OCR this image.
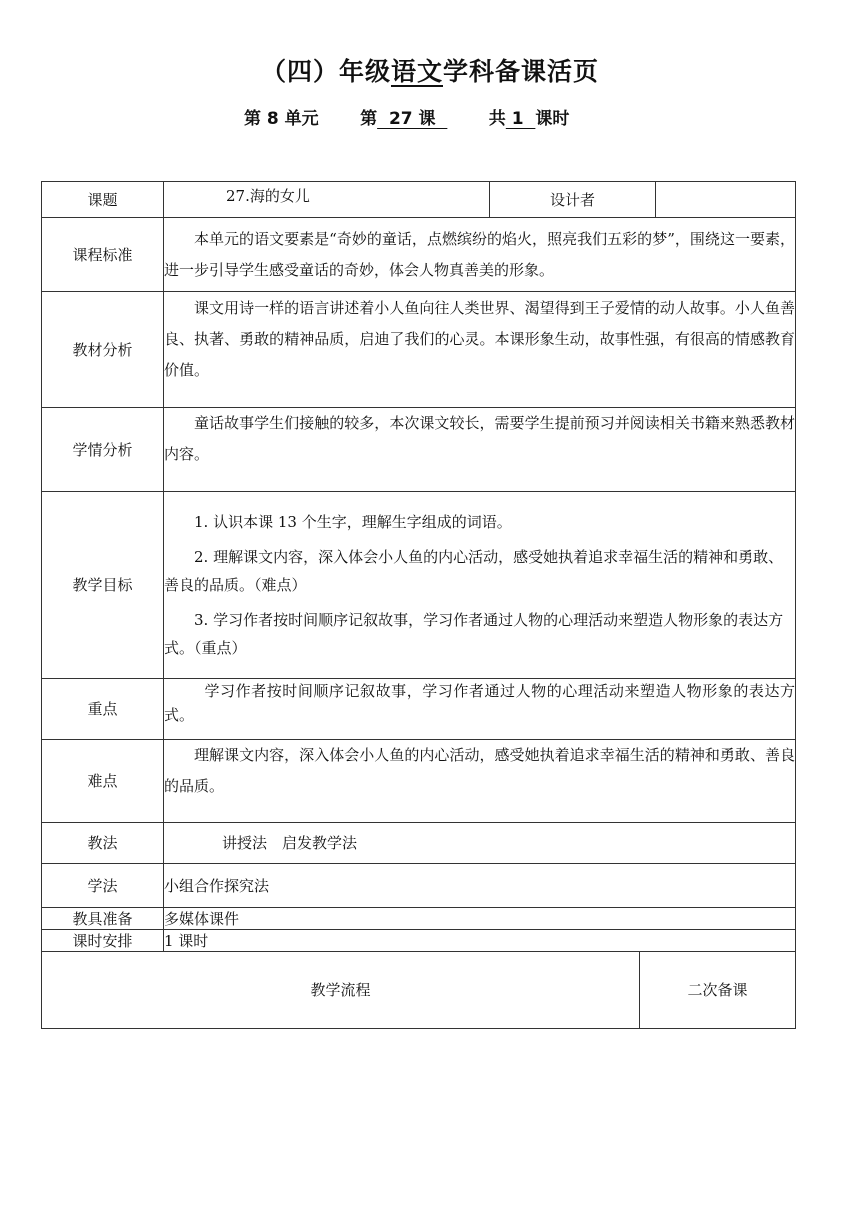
（四）年级语文学科备课活页
第 8 单元 第  27 课         共 1  课时
课题	27.海的女儿	设计者		
课程标准	本单元的语文要素是“奇妙的童话，点燃缤纷的焰火，照亮我们五彩的梦”，围绕这一要素，进一步引导学生感受童话的奇妙，体会人物真善美的形象。			

教材分析	课文用诗一样的语言讲述着小人鱼向往人类世界、渴望得到王子爱情的动人故事。小人鱼善良、执著、勇敢的精神品质，启迪了我们的心灵。本课形象生动，故事性强，有很高的情感教育价值。			

学情分析	童话故事学生们接触的较多，本次课文较长，需要学生提前预习并阅读相关书籍来熟悉教材内容。			

教学目标	1. 认识本课 13 个生字，理解生字组成的词语。

2. 理解课文内容，深入体会小人鱼的内心活动，感受她执着追求幸福生活的精神和勇敢、善良的品质。（难点）

3. 学习作者按时间顺序记叙故事，学习作者通过人物的心理活动来塑造人物形象的表达方式。（重点）			

重点	学习作者按时间顺序记叙故事，学习作者通过人物的心理活动来塑造人物形象的表达方式。			

难点	理解课文内容，深入体会小人鱼的内心活动，感受她执着追求幸福生活的精神和勇敢、善良的品质。			

教法	讲授法　启发教学法			
学法	小组合作探究法			
教具准备	多媒体课件			
课时安排	1 课时			
教学流程			二次备课	
